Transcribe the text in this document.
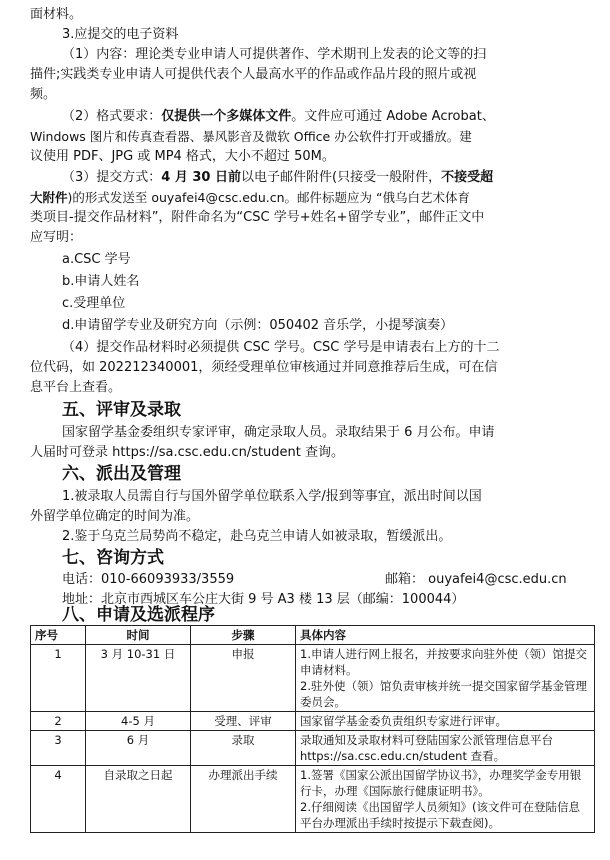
面材料。
3.应提交的电子资料
（1）内容：理论类专业申请人可提供著作、学术期刊上发表的论文等的扫
描件;实践类专业申请人可提供代表个人最高水平的作品或作品片段的照片或视
频。
（2）格式要求：仅提供一个多媒体文件。文件应可通过 Adobe Acrobat、
Windows 图片和传真查看器、暴风影音及微软 Office 办公软件打开或播放。建
议使用 PDF、JPG 或 MP4 格式，大小不超过 50M。
（3）提交方式：4 月 30 日前以电子邮件附件(只接受一般附件，不接受超
大附件)的形式发送至 ouyafei4@csc.edu.cn。邮件标题应为 “俄乌白艺术体育
类项目-提交作品材料”，附件命名为“CSC 学号+姓名+留学专业”，邮件正文中
应写明：
a.CSC 学号
b.申请人姓名
c.受理单位
d.申请留学专业及研究方向（示例：050402 音乐学，小提琴演奏）
（4）提交作品材料时必须提供 CSC 学号。CSC 学号是申请表右上方的十二
位代码，如 202212340001，须经受理单位审核通过并同意推荐后生成，可在信
息平台上查看。
五、评审及录取
国家留学基金委组织专家评审，确定录取人员。录取结果于 6 月公布。申请
人届时可登录 https://sa.csc.edu.cn/student 查询。
六、派出及管理
1.被录取人员需自行与国外留学单位联系入学/报到等事宜，派出时间以国
外留学单位确定的时间为准。
2.鉴于乌克兰局势尚不稳定，赴乌克兰申请人如被录取，暂缓派出。
七、咨询方式
电话：010-66093933/3559	邮箱： ouyafei4@csc.edu.cn
地址：北京市西城区车公庄大街 9 号 A3 楼 13 层（邮编：100044）
八、申请及选派程序
序号	时间	步骤	具体内容
1	3 月 10-31 日	申报	1.申请人进行网上报名，并按要求向驻外使（领）馆提交申请材料。
2.驻外使（领）馆负责审核并统一提交国家留学基金管理委员会。

2	4-5 月	受理、评审	国家留学基金委负责组织专家进行评审。

3	6 月	录取	录取通知及录取材料可登陆国家公派管理信息平台 https://sa.csc.edu.cn/student 查看。

4	自录取之日起	办理派出手续	1.签署《国家公派出国留学协议书》，办理奖学金专用银行卡，办理《国际旅行健康证明书》。
2.仔细阅读《出国留学人员须知》(该文件可在登陆信息平台办理派出手续时按提示下载查阅)。
